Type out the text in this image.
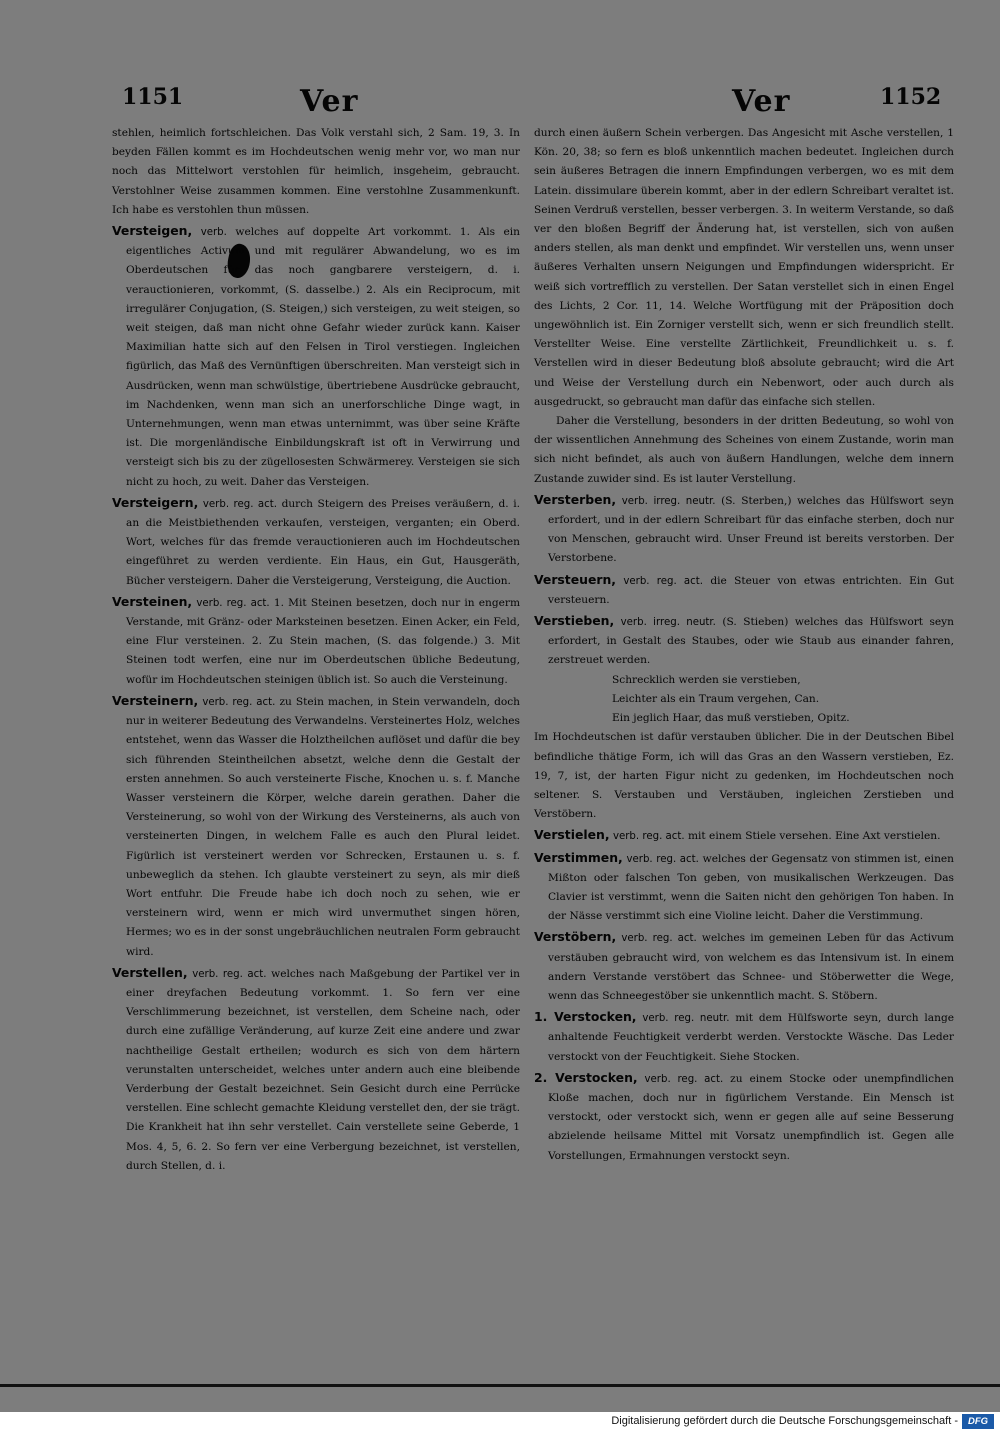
1151	Ver	Ver	1152

stehlen, heimlich fortschleichen. Das Volk verstahl sich, 2 Sam. 19, 3. In beyden Fällen kommt es im Hochdeutschen wenig mehr vor, wo man nur noch das Mittelwort verstohlen für heimlich, insgeheim, gebraucht. Verstohlner Weise zusammen kommen. Eine verstohlne Zusammenkunft. Ich habe es verstohlen thun müssen.

Versteigen, verb. welches auf doppelte Art vorkommt. 1. Als ein eigentliches Activum und mit regulärer Abwandelung, wo es im Oberdeutschen für das noch gangbarere versteigern, d. i. verauctionieren, vorkommt, (S. dasselbe.) 2. Als ein Reciprocum, mit irregulärer Conjugation, (S. Steigen,) sich versteigen, zu weit steigen, so weit steigen, daß man nicht ohne Gefahr wieder zurück kann. Kaiser Maximilian hatte sich auf den Felsen in Tirol verstiegen. Ingleichen figürlich, das Maß des Vernünftigen überschreiten. Man versteigt sich in Ausdrücken, wenn man schwülstige, übertriebene Ausdrücke gebraucht, im Nachdenken, wenn man sich an unerforschliche Dinge wagt, in Unternehmungen, wenn man etwas unternimmt, was über seine Kräfte ist. Die morgenländische Einbildungskraft ist oft in Verwirrung und versteigt sich bis zu der zügellosesten Schwärmerey. Versteigen sie sich nicht zu hoch, zu weit. Daher das Versteigen.

Versteigern, verb. reg. act. durch Steigern des Preises veräußern, d. i. an die Meistbiethenden verkaufen, versteigen, verganten; ein Oberd. Wort, welches für das fremde verauctionieren auch im Hochdeutschen eingeführet zu werden verdiente. Ein Haus, ein Gut, Hausgeräth, Bücher versteigern. Daher die Versteigerung, Versteigung, die Auction.

Versteinen, verb. reg. act. 1. Mit Steinen besetzen, doch nur in engerm Verstande, mit Gränz- oder Marksteinen besetzen. Einen Acker, ein Feld, eine Flur versteinen. 2. Zu Stein machen, (S. das folgende.) 3. Mit Steinen todt werfen, eine nur im Oberdeutschen übliche Bedeutung, wofür im Hochdeutschen steinigen üblich ist. So auch die Versteinung.

Versteinern, verb. reg. act. zu Stein machen, in Stein verwandeln, doch nur in weiterer Bedeutung des Verwandelns. Versteinertes Holz, welches entstehet, wenn das Wasser die Holztheilchen auflöset und dafür die bey sich führenden Steintheilchen absetzt, welche denn die Gestalt der ersten annehmen. So auch versteinerte Fische, Knochen u. s. f. Manche Wasser versteinern die Körper, welche darein gerathen. Daher die Versteinerung, so wohl von der Wirkung des Versteinerns, als auch von versteinerten Dingen, in welchem Falle es auch den Plural leidet. Figürlich ist versteinert werden vor Schrecken, Erstaunen u. s. f. unbeweglich da stehen. Ich glaubte versteinert zu seyn, als mir dieß Wort entfuhr. Die Freude habe ich doch noch zu sehen, wie er versteinern wird, wenn er mich wird unvermuthet singen hören, Hermes; wo es in der sonst ungebräuchlichen neutralen Form gebraucht wird.

Verstellen, verb. reg. act. welches nach Maßgebung der Partikel ver in einer dreyfachen Bedeutung vorkommt. 1. So fern ver eine Verschlimmerung bezeichnet, ist verstellen, dem Scheine nach, oder durch eine zufällige Veränderung, auf kurze Zeit eine andere und zwar nachtheilige Gestalt ertheilen; wodurch es sich von dem härtern verunstalten unterscheidet, welches unter andern auch eine bleibende Verderbung der Gestalt bezeichnet. Sein Gesicht durch eine Perrücke verstellen. Eine schlecht gemachte Kleidung verstellet den, der sie trägt. Die Krankheit hat ihn sehr verstellet. Cain verstellete seine Geberde, 1 Mos. 4, 5, 6. 2. So fern ver eine Verbergung bezeichnet, ist verstellen, durch Stellen, d. i.

durch einen äußern Schein verbergen. Das Angesicht mit Asche verstellen, 1 Kön. 20, 38; so fern es bloß unkenntlich machen bedeutet. Ingleichen durch sein äußeres Betragen die innern Empfindungen verbergen, wo es mit dem Latein. dissimulare überein kommt, aber in der edlern Schreibart veraltet ist. Seinen Verdruß verstellen, besser verbergen. 3. In weiterm Verstande, so daß ver den bloßen Begriff der Änderung hat, ist verstellen, sich von außen anders stellen, als man denkt und empfindet. Wir verstellen uns, wenn unser äußeres Verhalten unsern Neigungen und Empfindungen widerspricht. Er weiß sich vortrefflich zu verstellen. Der Satan verstellet sich in einen Engel des Lichts, 2 Cor. 11, 14. Welche Wortfügung mit der Präposition doch ungewöhnlich ist. Ein Zorniger verstellt sich, wenn er sich freundlich stellt. Verstellter Weise. Eine verstellte Zärtlichkeit, Freundlichkeit u. s. f. Verstellen wird in dieser Bedeutung bloß absolute gebraucht; wird die Art und Weise der Verstellung durch ein Nebenwort, oder auch durch als ausgedruckt, so gebraucht man dafür das einfache sich stellen.

Daher die Verstellung, besonders in der dritten Bedeutung, so wohl von der wissentlichen Annehmung des Scheines von einem Zustande, worin man sich nicht befindet, als auch von äußern Handlungen, welche dem innern Zustande zuwider sind. Es ist lauter Verstellung.

Versterben, verb. irreg. neutr. (S. Sterben,) welches das Hülfswort seyn erfordert, und in der edlern Schreibart für das einfache sterben, doch nur von Menschen, gebraucht wird. Unser Freund ist bereits verstorben. Der Verstorbene.

Versteuern, verb. reg. act. die Steuer von etwas entrichten. Ein Gut versteuern.

Verstieben, verb. irreg. neutr. (S. Stieben) welches das Hülfswort seyn erfordert, in Gestalt des Staubes, oder wie Staub aus einander fahren, zerstreuet werden.

Schrecklich werden sie verstieben,

Leichter als ein Traum vergehen, Can.

Ein jeglich Haar, das muß verstieben, Opitz.

Im Hochdeutschen ist dafür verstauben üblicher. Die in der Deutschen Bibel befindliche thätige Form, ich will das Gras an den Wassern verstieben, Ez. 19, 7, ist, der harten Figur nicht zu gedenken, im Hochdeutschen noch seltener. S. Verstauben und Verstäuben, ingleichen Zerstieben und Verstöbern.

Verstielen, verb. reg. act. mit einem Stiele versehen. Eine Axt verstielen.

Verstimmen, verb. reg. act. welches der Gegensatz von stimmen ist, einen Mißton oder falschen Ton geben, von musikalischen Werkzeugen. Das Clavier ist verstimmt, wenn die Saiten nicht den gehörigen Ton haben. In der Nässe verstimmt sich eine Violine leicht. Daher die Verstimmung.

Verstöbern, verb. reg. act. welches im gemeinen Leben für das Activum verstäuben gebraucht wird, von welchem es das Intensivum ist. In einem andern Verstande verstöbert das Schnee- und Stöberwetter die Wege, wenn das Schneegestöber sie unkenntlich macht. S. Stöbern.

1. Verstocken, verb. reg. neutr. mit dem Hülfsworte seyn, durch lange anhaltende Feuchtigkeit verderbt werden. Verstockte Wäsche. Das Leder verstockt von der Feuchtigkeit. Siehe Stocken.

2. Verstocken, verb. reg. act. zu einem Stocke oder unempfindlichen Kloße machen, doch nur in figürlichem Verstande. Ein Mensch ist verstockt, oder verstockt sich, wenn er gegen alle auf seine Besserung abzielende heilsame Mittel mit Vorsatz unempfindlich ist. Gegen alle Vorstellungen, Ermahnungen verstockt seyn.

Digitalisierung gefördert durch die Deutsche Forschungsgemeinschaft -	DFG
